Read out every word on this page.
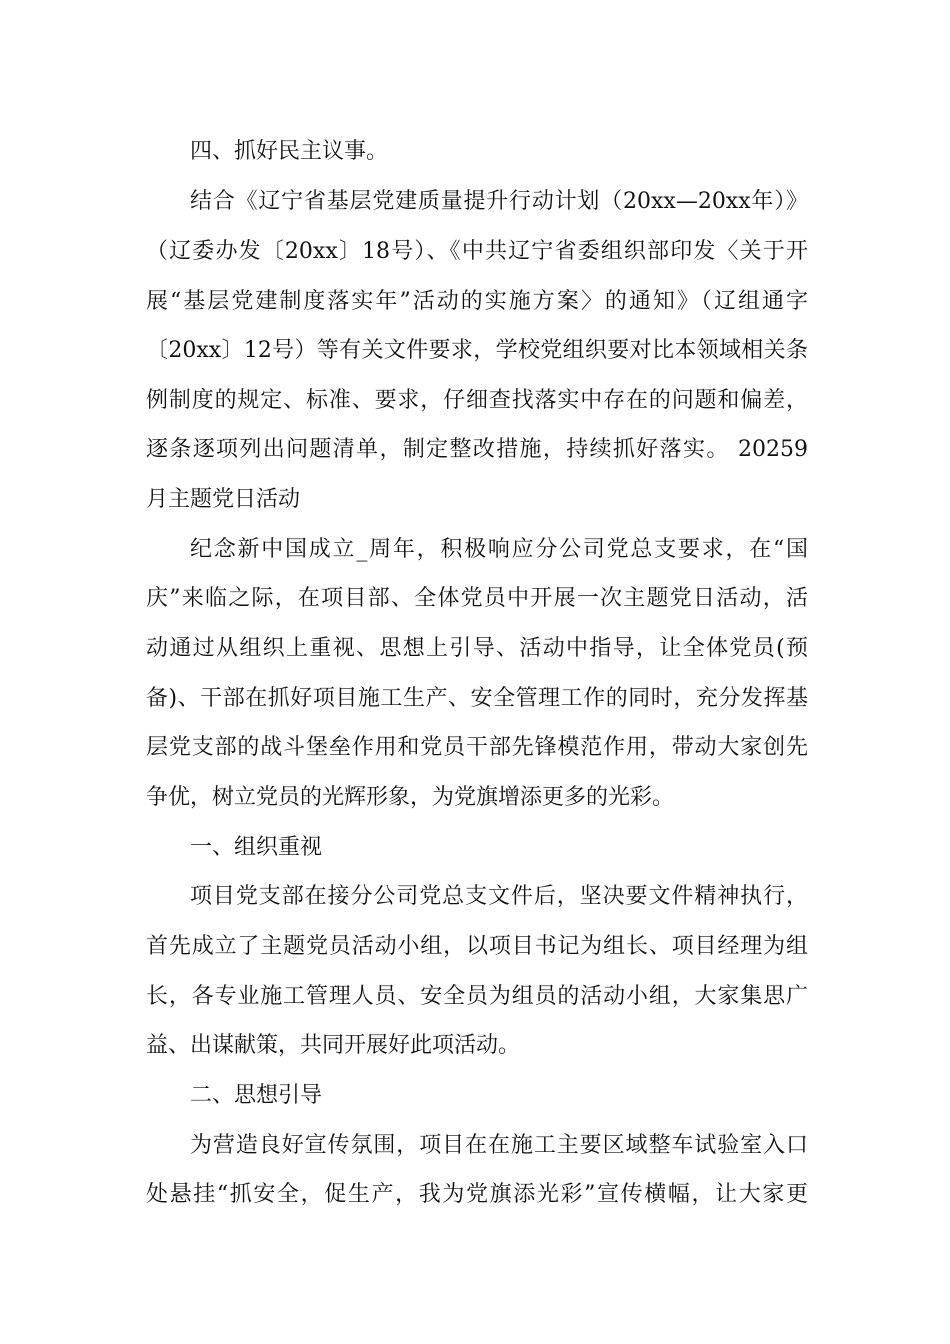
四、抓好民主议事。
结合《辽宁省基层党建质量提升行动计划（20xx—20xx年）》
（辽委办发〔20xx〕18号）、《中共辽宁省委组织部印发〈关于开
展“基层党建制度落实年”活动的实施方案〉的通知》（辽组通字
〔20xx〕12号）等有关文件要求，学校党组织要对比本领域相关条
例制度的规定、标准、要求，仔细查找落实中存在的问题和偏差，
逐条逐项列出问题清单，制定整改措施，持续抓好落实。 20259
月主题党日活动
纪念新中国成立_周年，积极响应分公司党总支要求，在“国
庆”来临之际，在项目部、全体党员中开展一次主题党日活动，活
动通过从组织上重视、思想上引导、活动中指导，让全体党员(预
备)、干部在抓好项目施工生产、安全管理工作的同时，充分发挥基
层党支部的战斗堡垒作用和党员干部先锋模范作用，带动大家创先
争优，树立党员的光辉形象，为党旗增添更多的光彩。
一、组织重视
项目党支部在接分公司党总支文件后，坚决要文件精神执行，
首先成立了主题党员活动小组，以项目书记为组长、项目经理为组
长，各专业施工管理人员、安全员为组员的活动小组，大家集思广
益、出谋献策，共同开展好此项活动。
二、思想引导
为营造良好宣传氛围，项目在在施工主要区域整车试验室入口
处悬挂“抓安全，促生产，我为党旗添光彩”宣传横幅，让大家更
